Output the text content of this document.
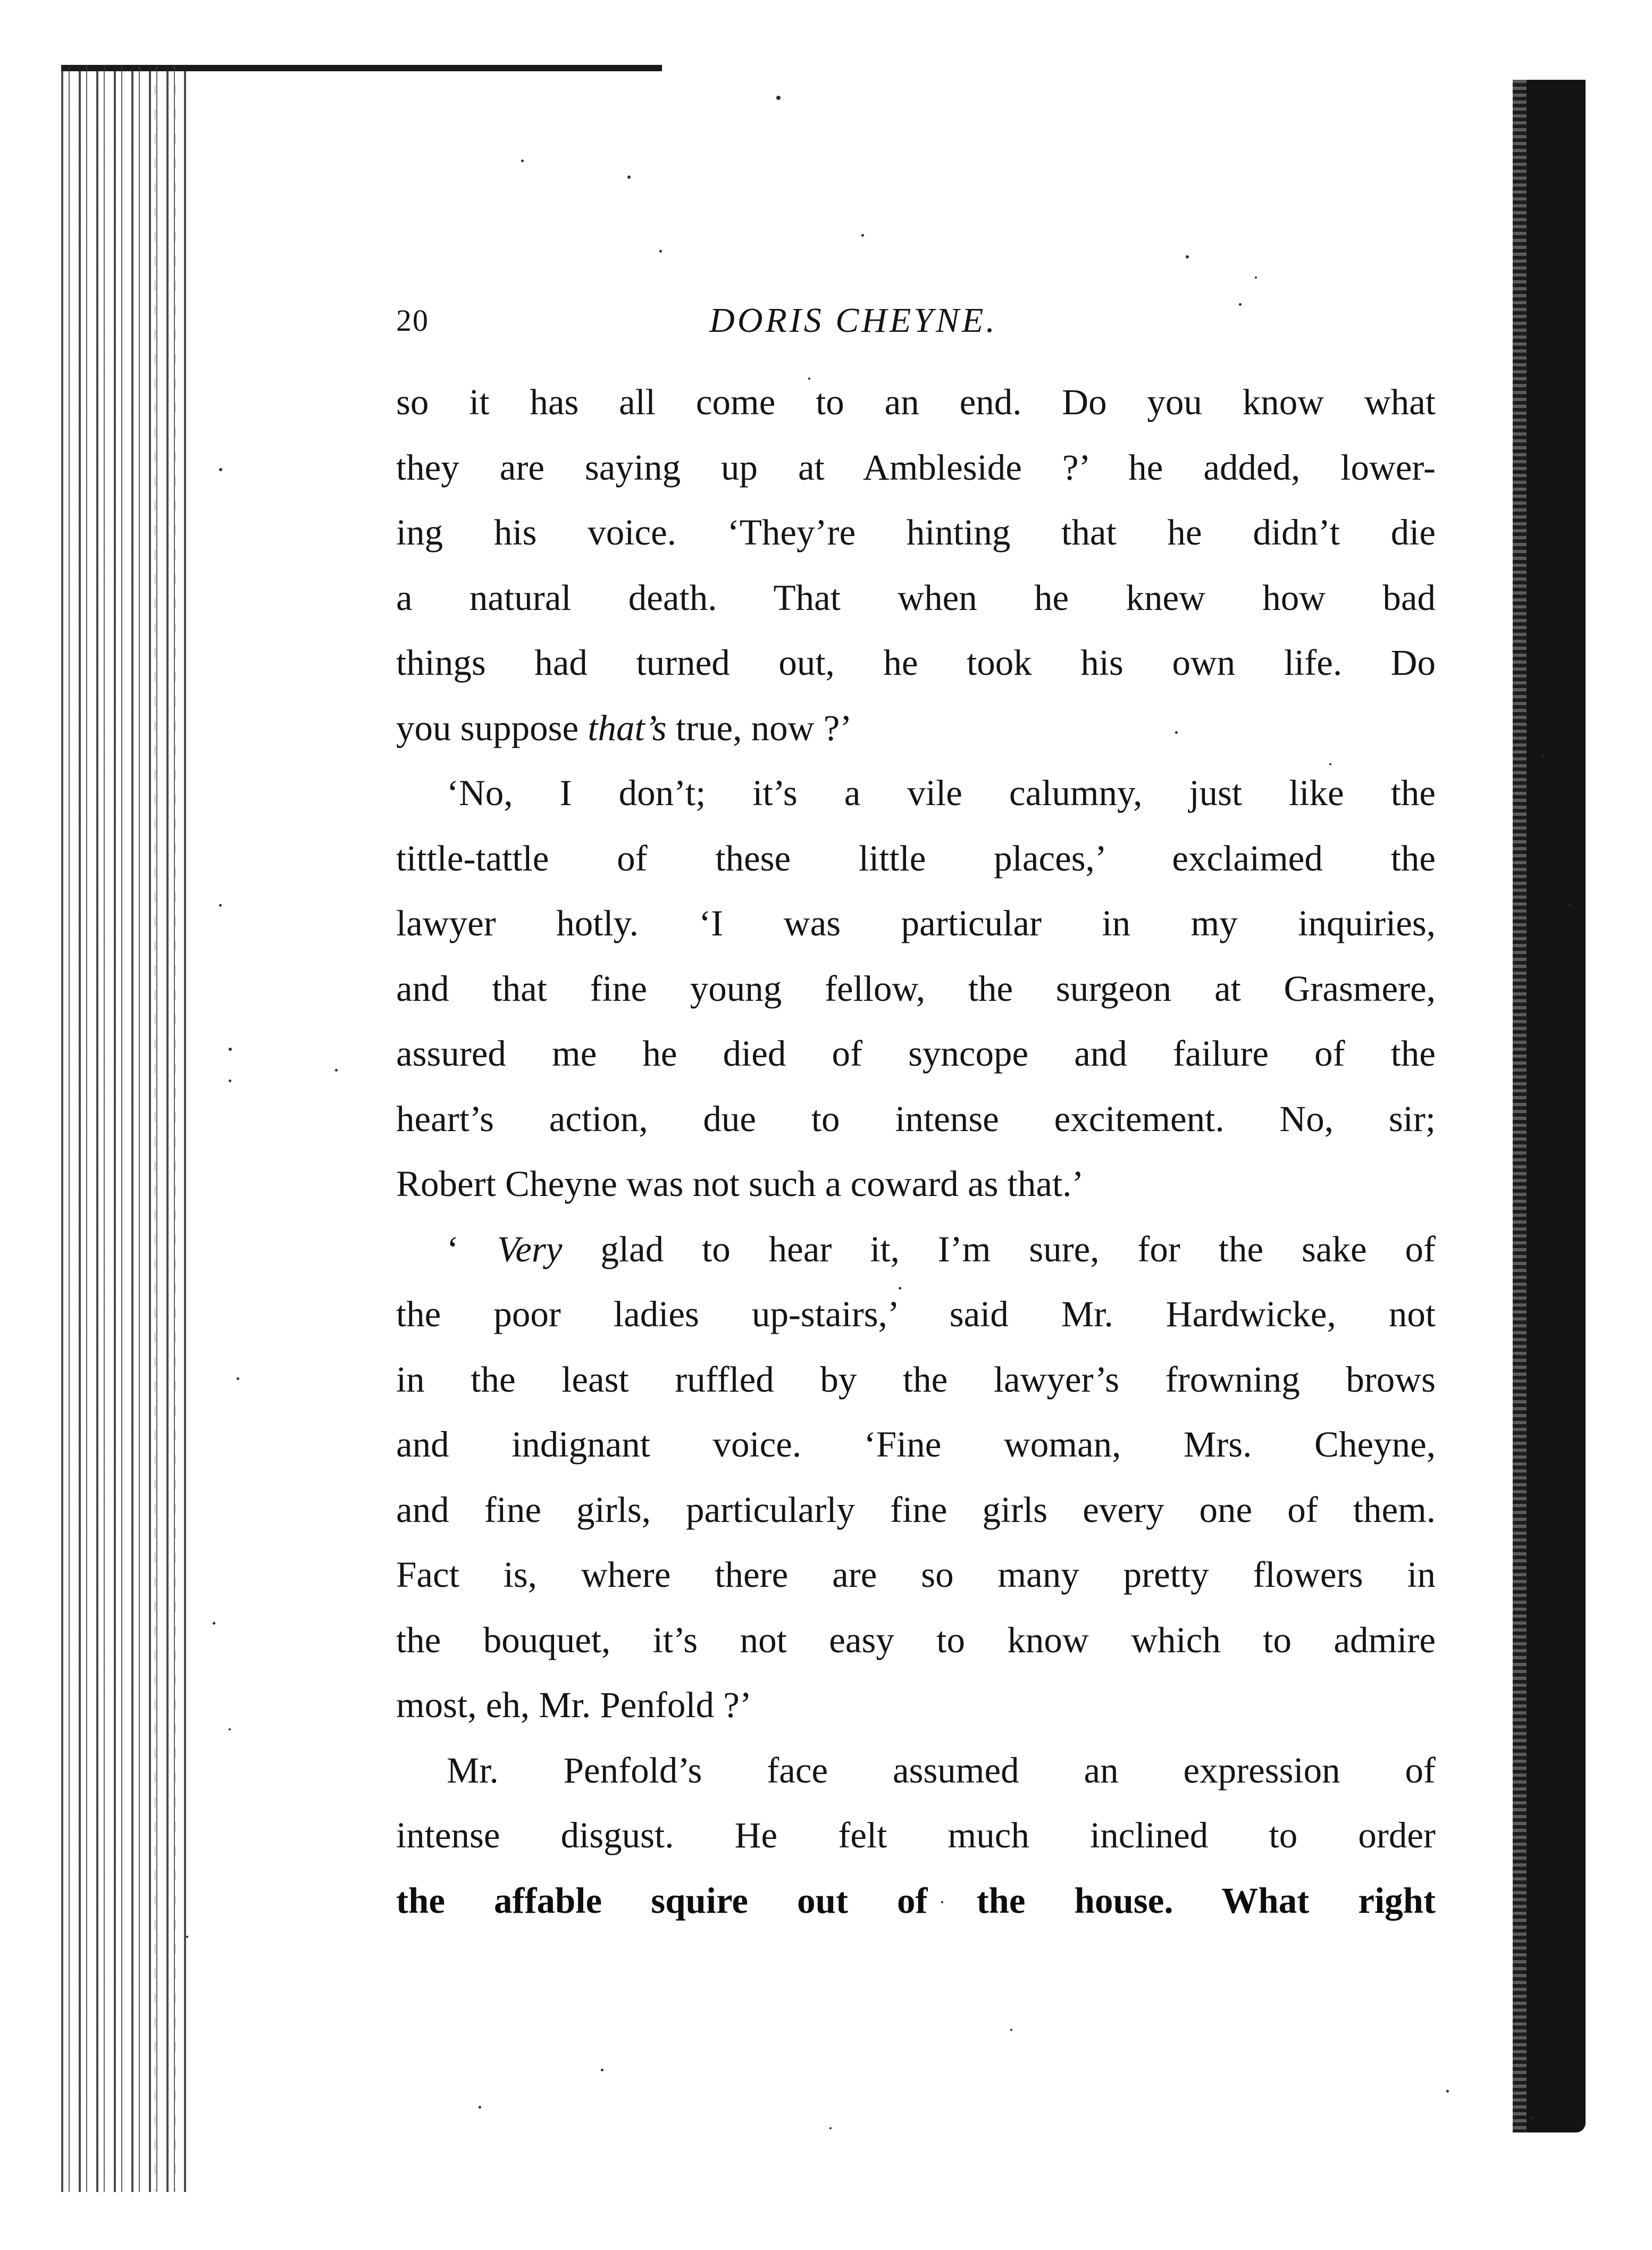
20	DORIS CHEYNE.
so it has all come to an end. Do you know what
they are saying up at Ambleside ?’ he added, lower-
ing his voice. ‘They’re hinting that he didn’t die
a natural death. That when he knew how bad
things had turned out, he took his own life. Do
you suppose that’s true, now ?’
‘No, I don’t; it’s a vile calumny, just like the
tittle-tattle of these little places,’ exclaimed the
lawyer hotly. ‘I was particular in my inquiries,
and that fine young fellow, the surgeon at Grasmere,
assured me he died of syncope and failure of the
heart’s action, due to intense excitement. No, sir;
Robert Cheyne was not such a coward as that.’
‘ Very glad to hear it, I’m sure, for the sake of
the poor ladies up-stairs,’ said Mr. Hardwicke, not
in the least ruffled by the lawyer’s frowning brows
and indignant voice. ‘Fine woman, Mrs. Cheyne,
and fine girls, particularly fine girls every one of them.
Fact is, where there are so many pretty flowers in
the bouquet, it’s not easy to know which to admire
most, eh, Mr. Penfold ?’
Mr. Penfold’s face assumed an expression of
intense disgust. He felt much inclined to order
the affable squire out of the house. What right
